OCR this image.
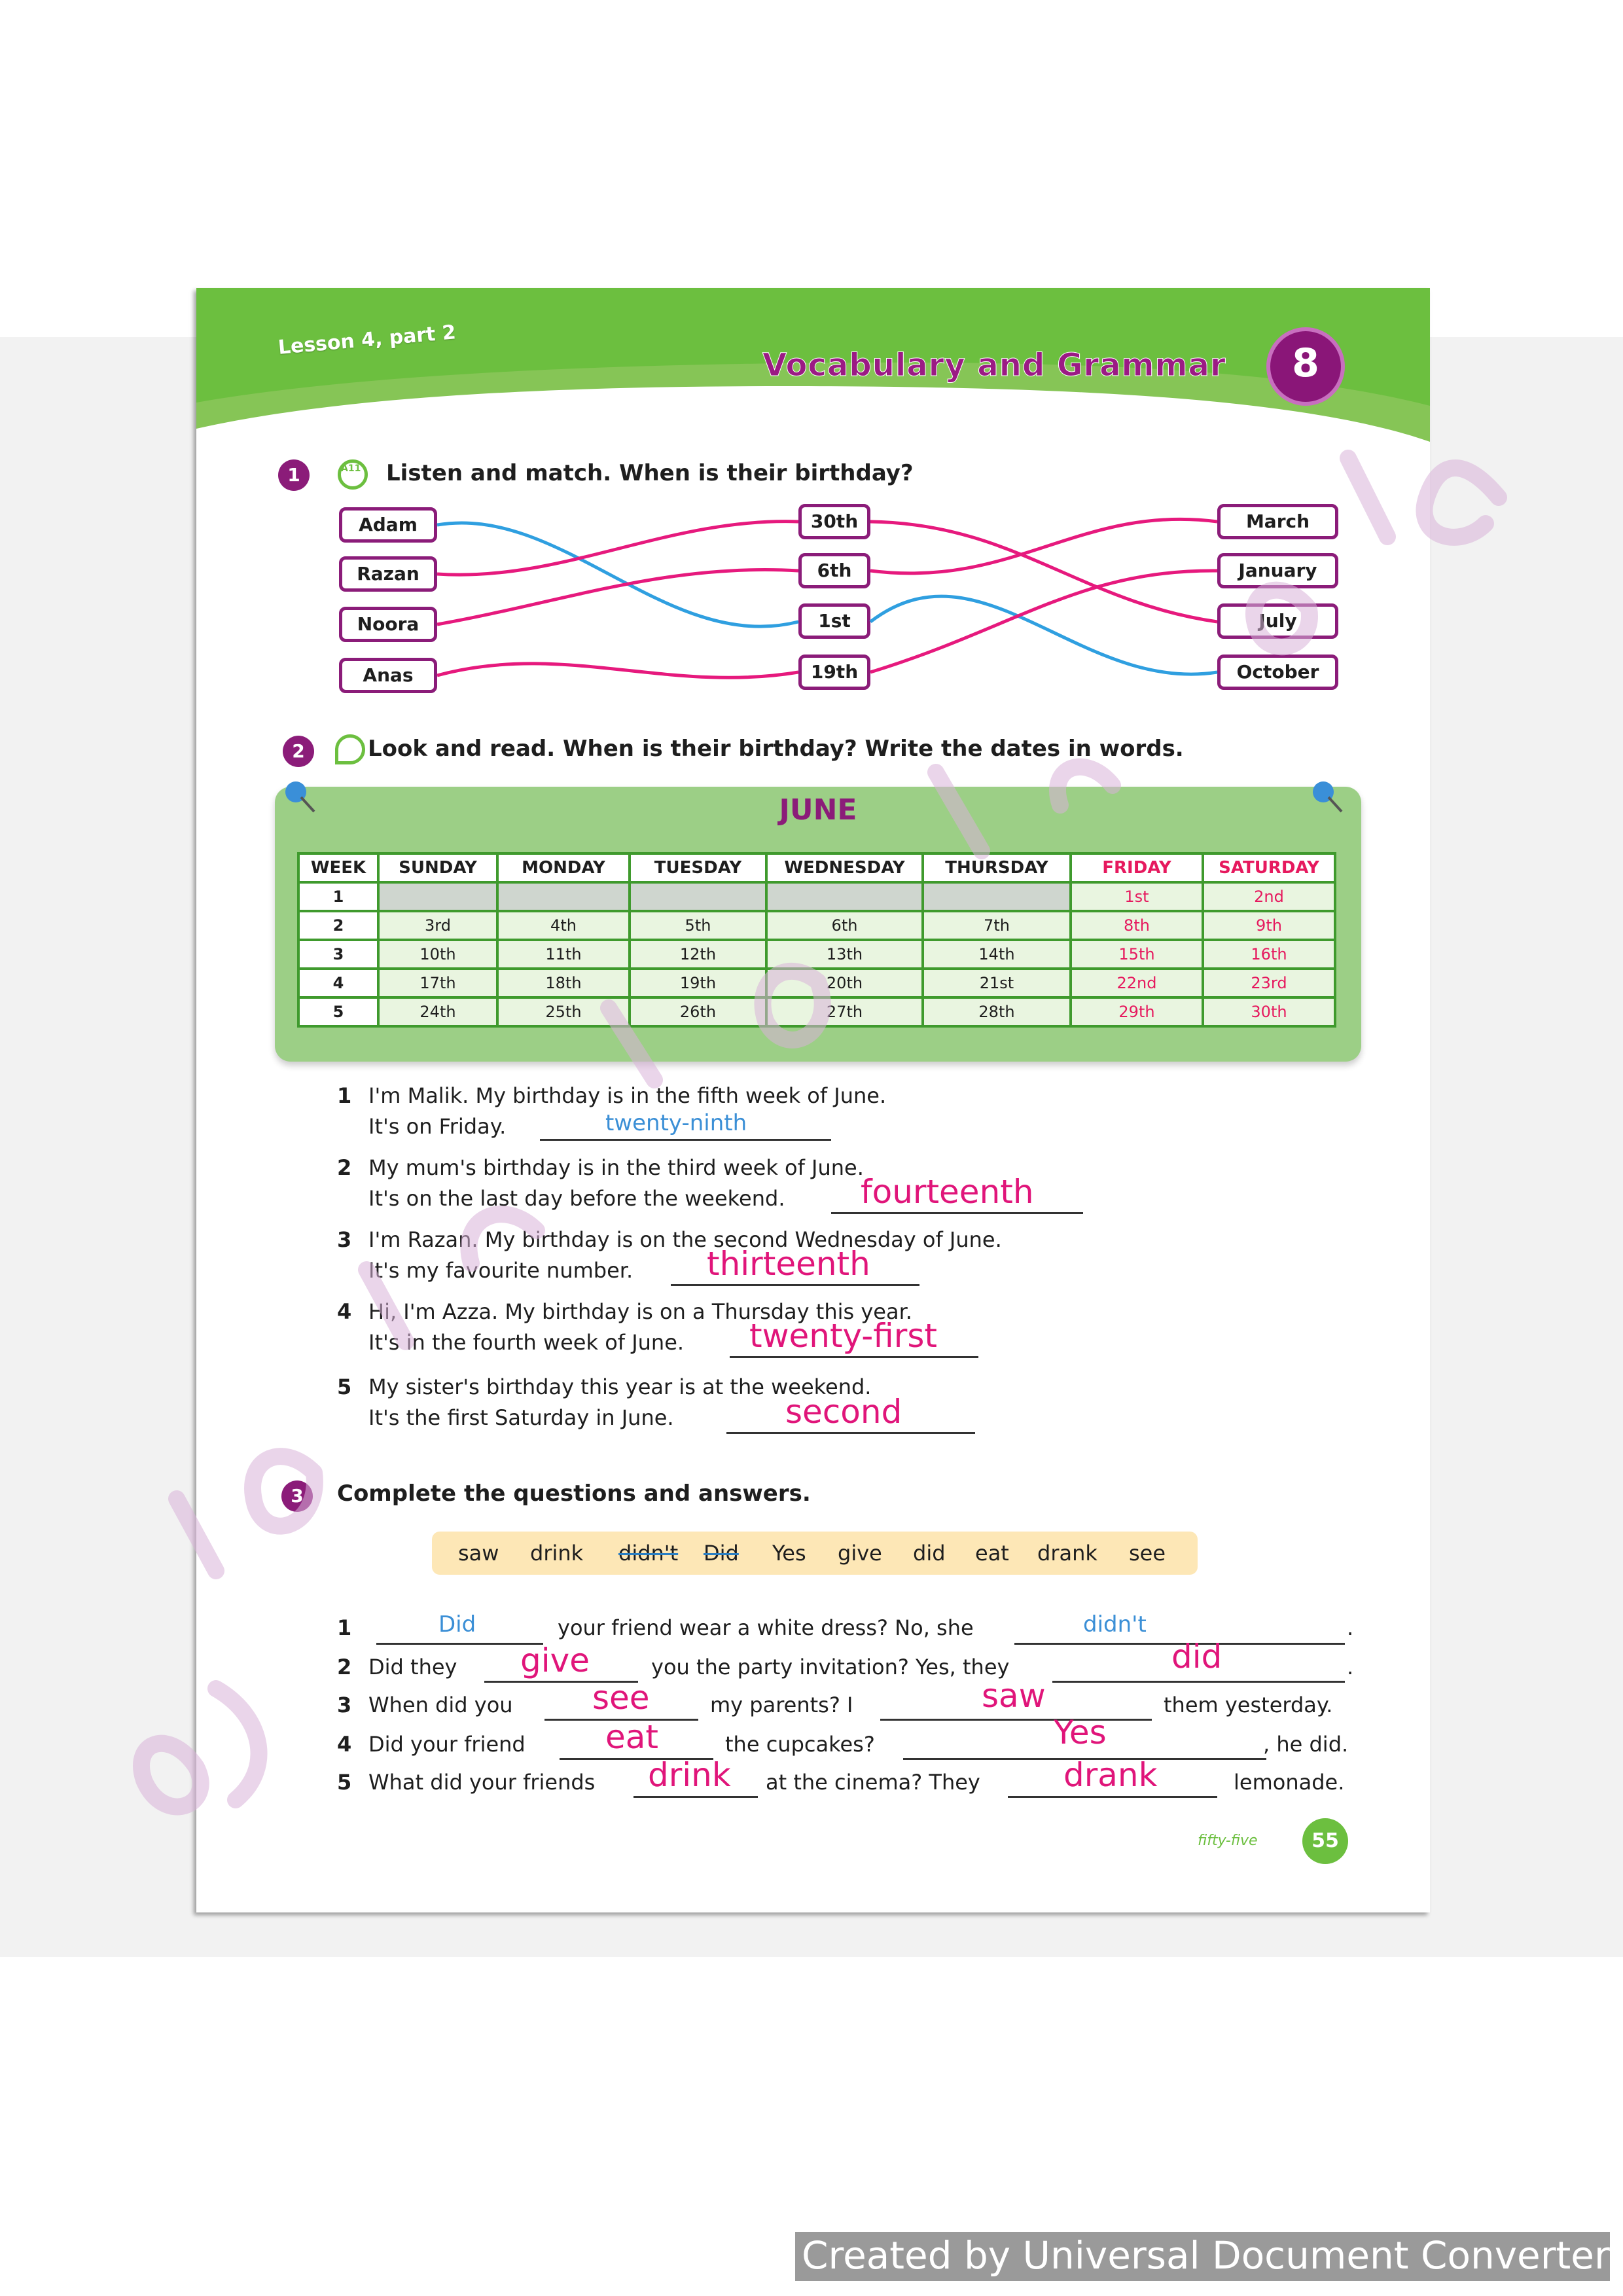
Lesson 4, part 2
Vocabulary and Grammar	8
1	A11 Listen and match. When is their birthday?
Adam
Razan
Noora
Anas
30th
6th
1st
19th
March
January
July
October
2	Look and read. When is their birthday? Write the dates in words.
JUNE
WEEK	SUNDAY	MONDAY	TUESDAY	WEDNESDAY	THURSDAY	FRIDAY	SATURDAY
1						1st	2nd
2	3rd	4th	5th	6th	7th	8th	9th
3	10th	11th	12th	13th	14th	15th	16th
4	17th	18th	19th	20th	21st	22nd	23rd
5	24th	25th	26th	27th	28th	29th	30th
1 I'm Malik. My birthday is in the fifth week of June.
It's on Friday.	twenty-ninth
2 My mum's birthday is in the third week of June.
It's on the last day before the weekend. fourteenth
3 I'm Razan. My birthday is on the second Wednesday of June.
It's my favourite number. thirteenth
4 Hi, I'm Azza. My birthday is on a Thursday this year.
It's in the fourth week of June. twenty-first
5 My sister's birthday this year is at the weekend.
It's the first Saturday in June.	second
3	Complete the questions and answers.
saw drink didn't Did Yes give did eat drank see
1	Did	your friend wear a white dress? No, she	didn't	.
2 Did they give	you the party invitation? Yes, they	did	.
3 When did you see	my parents? I	saw	them yesterday.
4 Did your friend eat	the cupcakes?	Yes	, he did.
5 What did your friends drink at the cinema? They	drank	lemonade.
fifty-five	55
Created by Universal Document Converter
